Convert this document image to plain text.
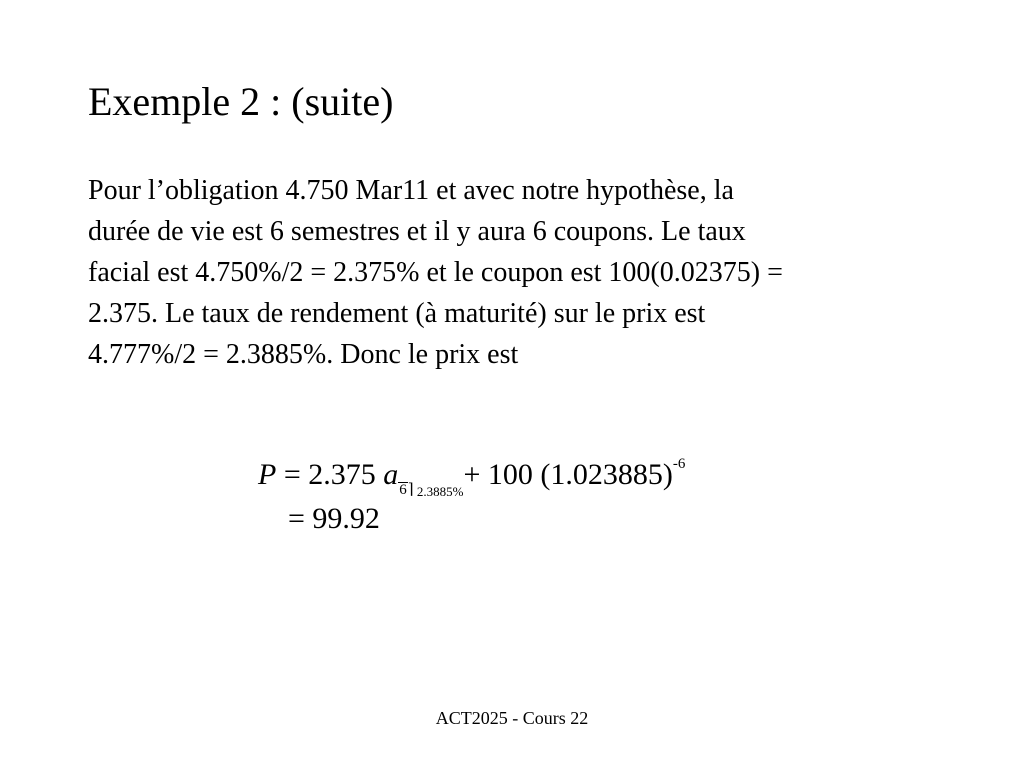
Exemple 2 : (suite)
Pour l’obligation 4.750 Mar11 et avec notre hypothèse, la
durée de vie est 6 semestres et il y aura 6 coupons. Le taux
facial est 4.750%/2 = 2.375% et le coupon est 100(0.02375) =
2.375. Le taux de rendement (à maturité) sur le prix est
4.777%/2 = 2.3885%. Donc le prix est
P = 2.375 a6⌉ 2.3885%+ 100 (1.023885)-6
= 99.92
ACT2025 - Cours 22
